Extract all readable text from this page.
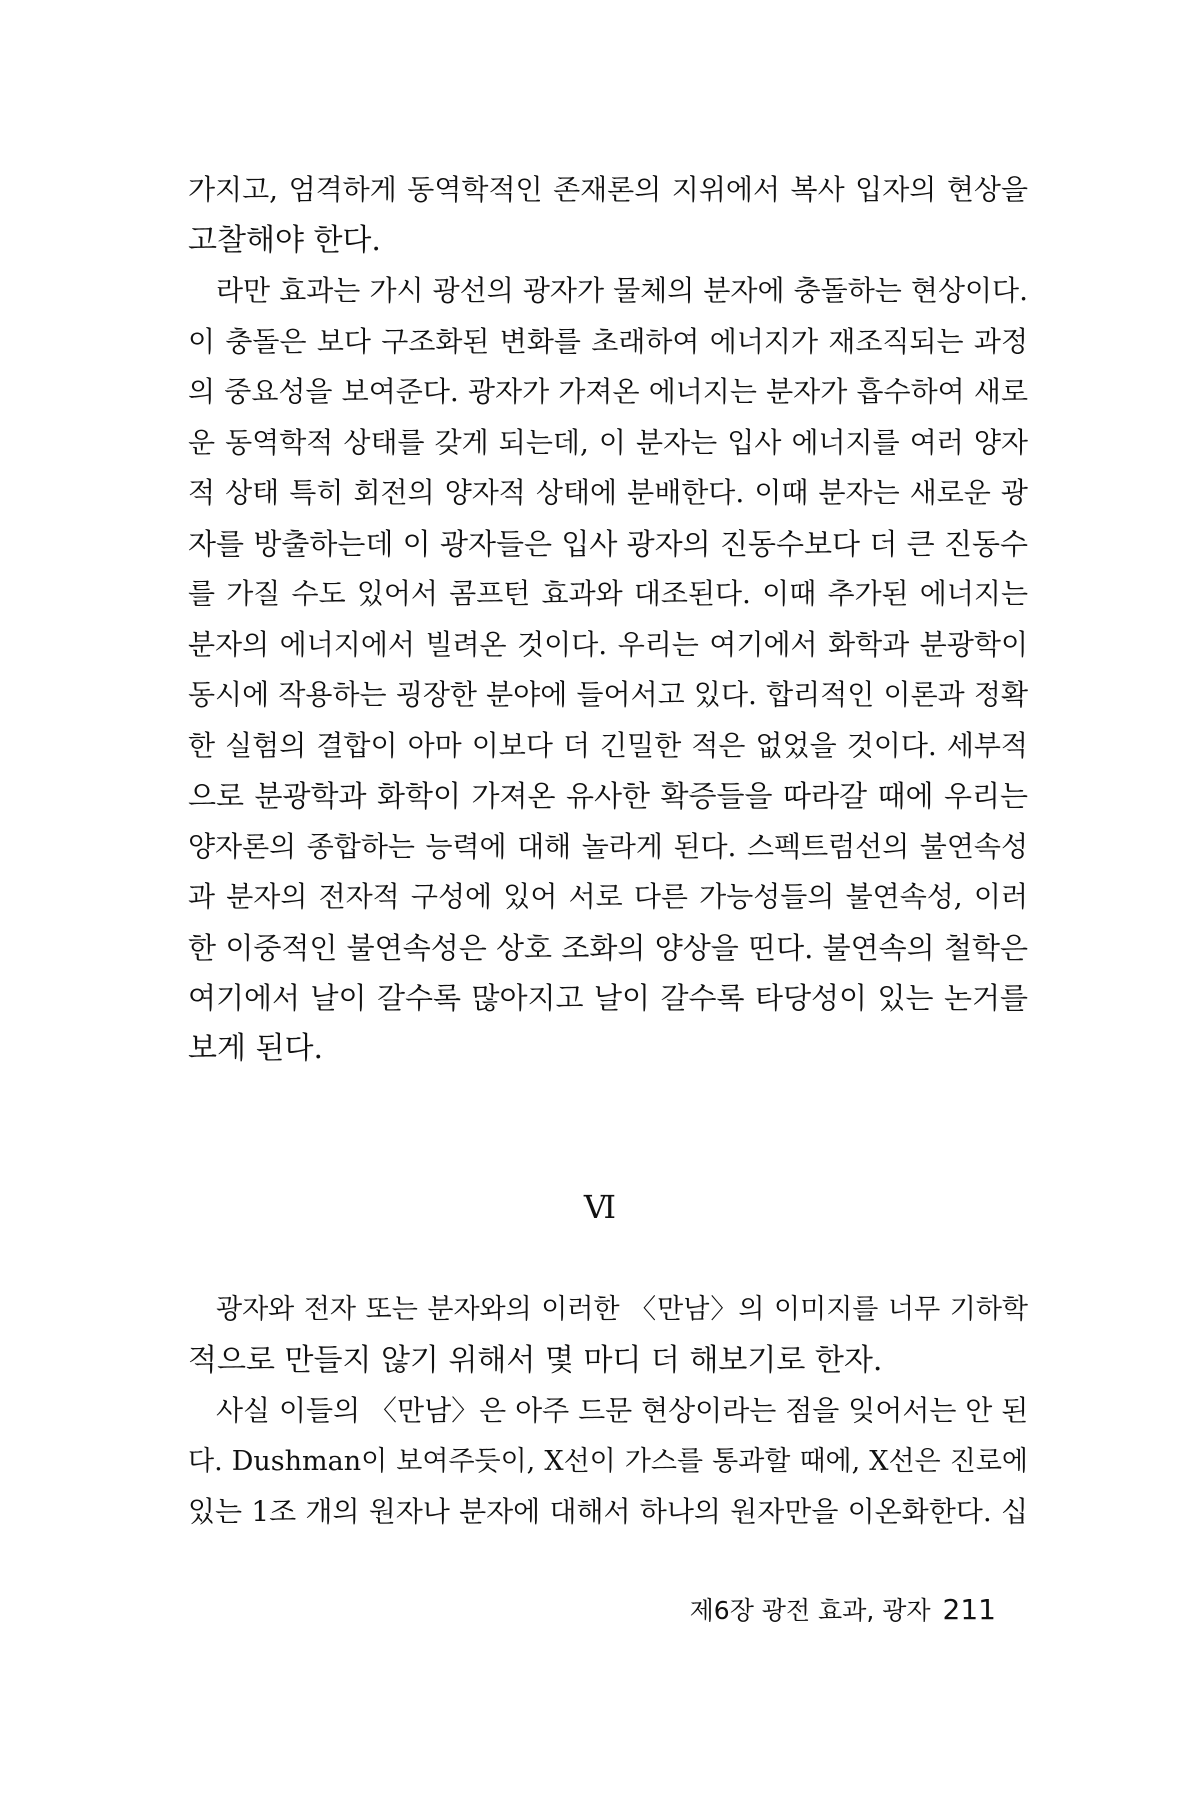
가지고, 엄격하게 동역학적인 존재론의 지위에서 복사 입자의 현상을
고찰해야 한다.
라만 효과는 가시 광선의 광자가 물체의 분자에 충돌하는 현상이다.
이 충돌은 보다 구조화된 변화를 초래하여 에너지가 재조직되는 과정
의 중요성을 보여준다. 광자가 가져온 에너지는 분자가 흡수하여 새로
운 동역학적 상태를 갖게 되는데, 이 분자는 입사 에너지를 여러 양자
적 상태 특히 회전의 양자적 상태에 분배한다. 이때 분자는 새로운 광
자를 방출하는데 이 광자들은 입사 광자의 진동수보다 더 큰 진동수
를 가질 수도 있어서 콤프턴 효과와 대조된다. 이때 추가된 에너지는
분자의 에너지에서 빌려온 것이다. 우리는 여기에서 화학과 분광학이
동시에 작용하는 굉장한 분야에 들어서고 있다. 합리적인 이론과 정확
한 실험의 결합이 아마 이보다 더 긴밀한 적은 없었을 것이다. 세부적
으로 분광학과 화학이 가져온 유사한 확증들을 따라갈 때에 우리는
양자론의 종합하는 능력에 대해 놀라게 된다. 스펙트럼선의 불연속성
과 분자의 전자적 구성에 있어 서로 다른 가능성들의 불연속성, 이러
한 이중적인 불연속성은 상호 조화의 양상을 띤다. 불연속의 철학은
여기에서 날이 갈수록 많아지고 날이 갈수록 타당성이 있는 논거를
보게 된다.
Ⅵ
광자와 전자 또는 분자와의 이러한 〈만남〉의 이미지를 너무 기하학
적으로 만들지 않기 위해서 몇 마디 더 해보기로 한자.
사실 이들의 〈만남〉은 아주 드문 현상이라는 점을 잊어서는 안 된
다. Dushman이 보여주듯이, X선이 가스를 통과할 때에, X선은 진로에
있는 1조 개의 원자나 분자에 대해서 하나의 원자만을 이온화한다. 십
제6장 광전 효과, 광자 211
